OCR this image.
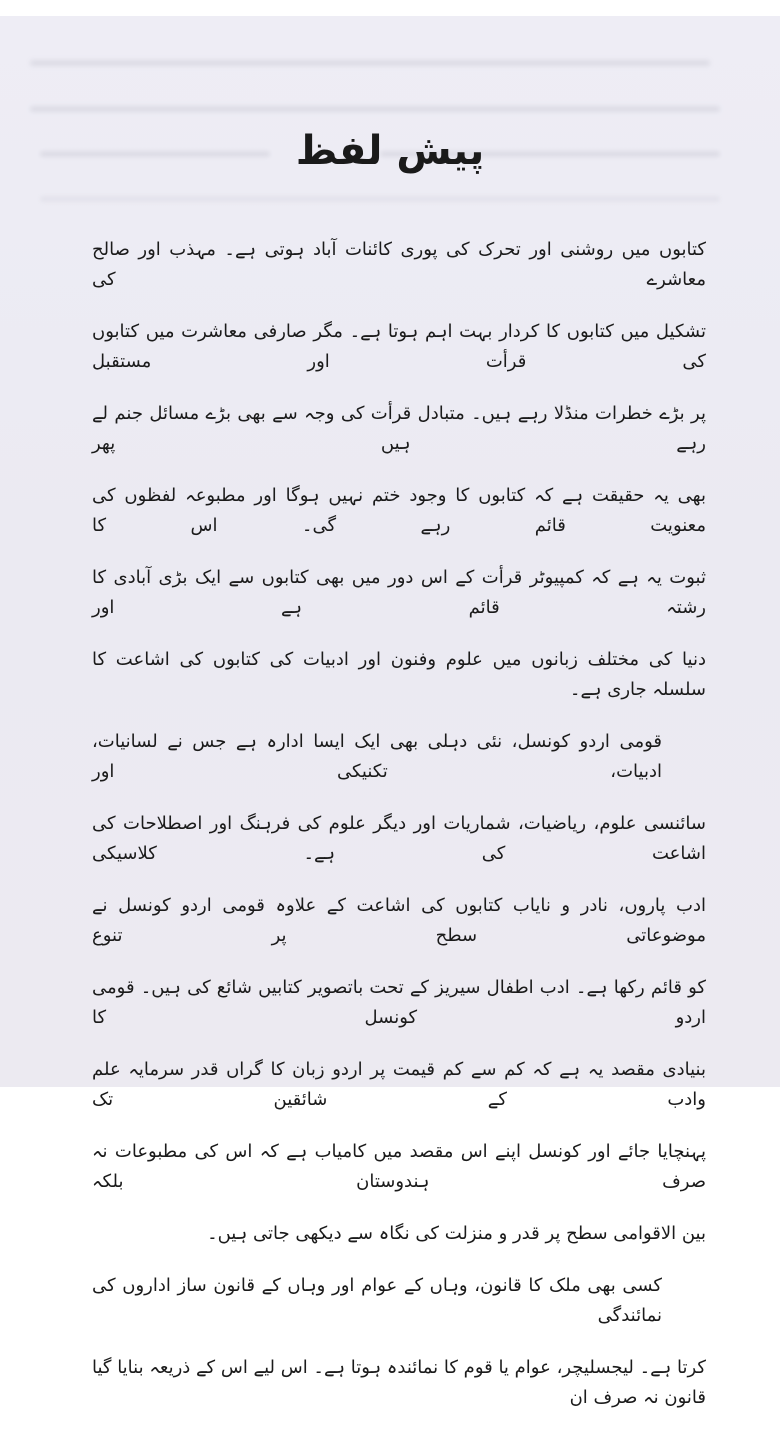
پیش لفظ
کتابوں میں روشنی اور تحرک کی پوری کائنات آباد ہوتی ہے۔ مہذب اور صالح معاشرے کی
تشکیل میں کتابوں کا کردار بہت اہم ہوتا ہے۔ مگر صارفی معاشرت میں کتابوں کی قرأت اور مستقبل
پر بڑے خطرات منڈلا رہے ہیں۔ متبادل قرأت کی وجہ سے بھی بڑے مسائل جنم لے رہے ہیں پھر
بھی یہ حقیقت ہے کہ کتابوں کا وجود ختم نہیں ہوگا اور مطبوعہ لفظوں کی معنویت قائم رہے گی۔ اس کا
ثبوت یہ ہے کہ کمپیوٹر قرأت کے اس دور میں بھی کتابوں سے ایک بڑی آبادی کا رشتہ قائم ہے اور
دنیا کی مختلف زبانوں میں علوم وفنون اور ادبیات کی کتابوں کی اشاعت کا سلسلہ جاری ہے۔
قومی اردو کونسل، نئی دہلی بھی ایک ایسا ادارہ ہے جس نے لسانیات، ادبیات، تکنیکی اور
سائنسی علوم، ریاضیات، شماریات اور دیگر علوم کی فرہنگ اور اصطلاحات کی اشاعت کی ہے۔ کلاسیکی
ادب پاروں، نادر و نایاب کتابوں کی اشاعت کے علاوہ قومی اردو کونسل نے موضوعاتی سطح پر تنوع
کو قائم رکھا ہے۔ ادب اطفال سیریز کے تحت باتصویر کتابیں شائع کی ہیں۔ قومی اردو کونسل کا
بنیادی مقصد یہ ہے کہ کم سے کم قیمت پر اردو زبان کا گراں قدر سرمایہ علم وادب کے شائقین تک
پہنچایا جائے اور کونسل اپنے اس مقصد میں کامیاب ہے کہ اس کی مطبوعات نہ صرف ہندوستان بلکہ
بین الاقوامی سطح پر قدر و منزلت کی نگاہ سے دیکھی جاتی ہیں۔
کسی بھی ملک کا قانون، وہاں کے عوام اور وہاں کے قانون ساز اداروں کی نمائندگی
کرتا ہے۔ لیجسلیچر، عوام یا قوم کا نمائندہ ہوتا ہے۔ اس لیے اس کے ذریعہ بنایا گیا قانون نہ صرف ان
